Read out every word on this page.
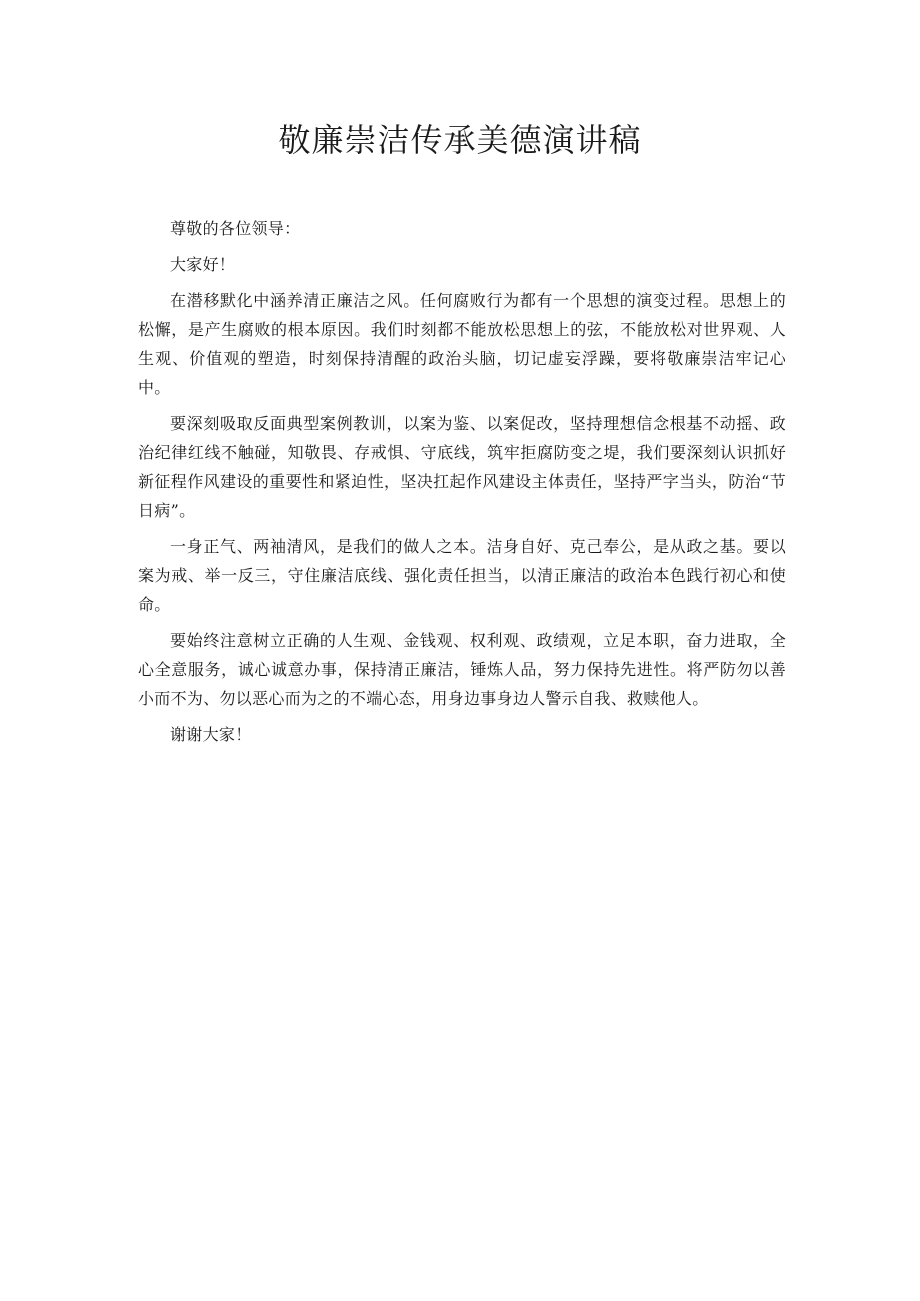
敬廉崇洁传承美德演讲稿

尊敬的各位领导：

大家好！

在潜移默化中涵养清正廉洁之风。任何腐败行为都有一个思想的演变过程。思想上的松懈，是产生腐败的根本原因。我们时刻都不能放松思想上的弦，不能放松对世界观、人生观、价值观的塑造，时刻保持清醒的政治头脑，切记虚妄浮躁，要将敬廉崇洁牢记心中。

要深刻吸取反面典型案例教训，以案为鉴、以案促改，坚持理想信念根基不动摇、政治纪律红线不触碰，知敬畏、存戒惧、守底线，筑牢拒腐防变之堤，我们要深刻认识抓好新征程作风建设的重要性和紧迫性，坚决扛起作风建设主体责任，坚持严字当头，防治“节日病”。

一身正气、两袖清风，是我们的做人之本。洁身自好、克己奉公，是从政之基。要以案为戒、举一反三，守住廉洁底线、强化责任担当，以清正廉洁的政治本色践行初心和使命。

要始终注意树立正确的人生观、金钱观、权利观、政绩观，立足本职，奋力进取，全心全意服务，诚心诚意办事，保持清正廉洁，锤炼人品，努力保持先进性。将严防勿以善小而不为、勿以恶心而为之的不端心态，用身边事身边人警示自我、救赎他人。

谢谢大家！
